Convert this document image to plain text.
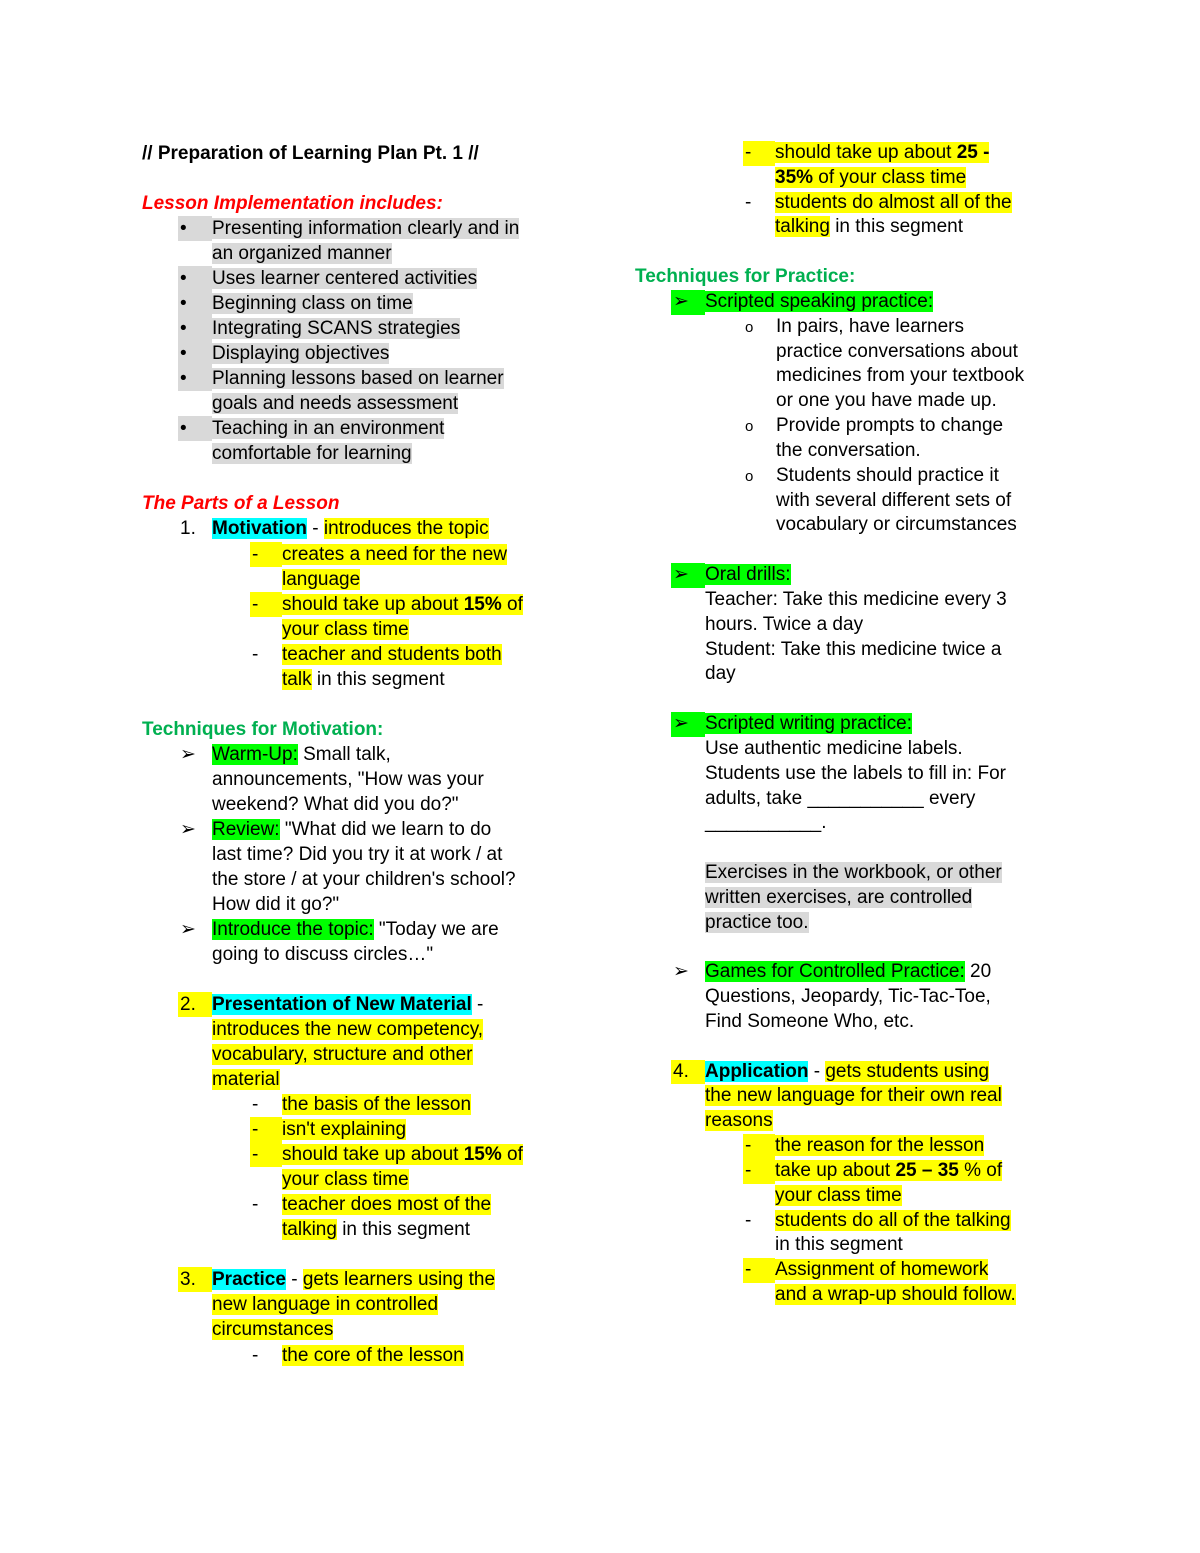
// Preparation of Learning Plan Pt. 1 //
Lesson Implementation includes:
•	Presenting information clearly and in
an organized manner
•	Uses learner centered activities
•	Beginning class on time
•	Integrating SCANS strategies
•	Displaying objectives
•	Planning lessons based on learner
goals and needs assessment
•	Teaching in an environment
comfortable for learning
The Parts of a Lesson
1. Motivation - introduces the topic
-	creates a need for the new
language
-	should take up about 15% of
your class time
-	teacher and students both
talk in this segment
Techniques for Motivation:
➢ Warm-Up: Small talk,
announcements, "How was your
weekend? What did you do?"
➢ Review: "What did we learn to do
last time? Did you try it at work / at
the store / at your children's school?
How did it go?"
➢ Introduce the topic: "Today we are
going to discuss circles…"
2. Presentation of New Material -
introduces the new competency,
vocabulary, structure and other
material
-	the basis of the lesson
-	isn't explaining
-	should take up about 15% of
your class time
-	teacher does most of the
talking in this segment
3. Practice - gets learners using the
new language in controlled
circumstances
-	the core of the lesson
-	should take up about 25 -
35% of your class time
-	students do almost all of the
talking in this segment
Techniques for Practice:
➢ Scripted speaking practice:
o	In pairs, have learners
practice conversations about
medicines from your textbook
or one you have made up.
o	Provide prompts to change
the conversation.
o	Students should practice it
with several different sets of
vocabulary or circumstances
➢ Oral drills:
Teacher: Take this medicine every 3
hours. Twice a day
Student: Take this medicine twice a
day
➢ Scripted writing practice:
Use authentic medicine labels.
Students use the labels to fill in: For
adults, take ___________ every
___________.
Exercises in the workbook, or other
written exercises, are controlled
practice too.
➢ Games for Controlled Practice: 20
Questions, Jeopardy, Tic-Tac-Toe,
Find Someone Who, etc.
4. Application - gets students using
the new language for their own real
reasons
-	the reason for the lesson
-	take up about 25 – 35 % of
your class time
-	students do all of the talking
in this segment
-	Assignment of homework
and a wrap-up should follow.
